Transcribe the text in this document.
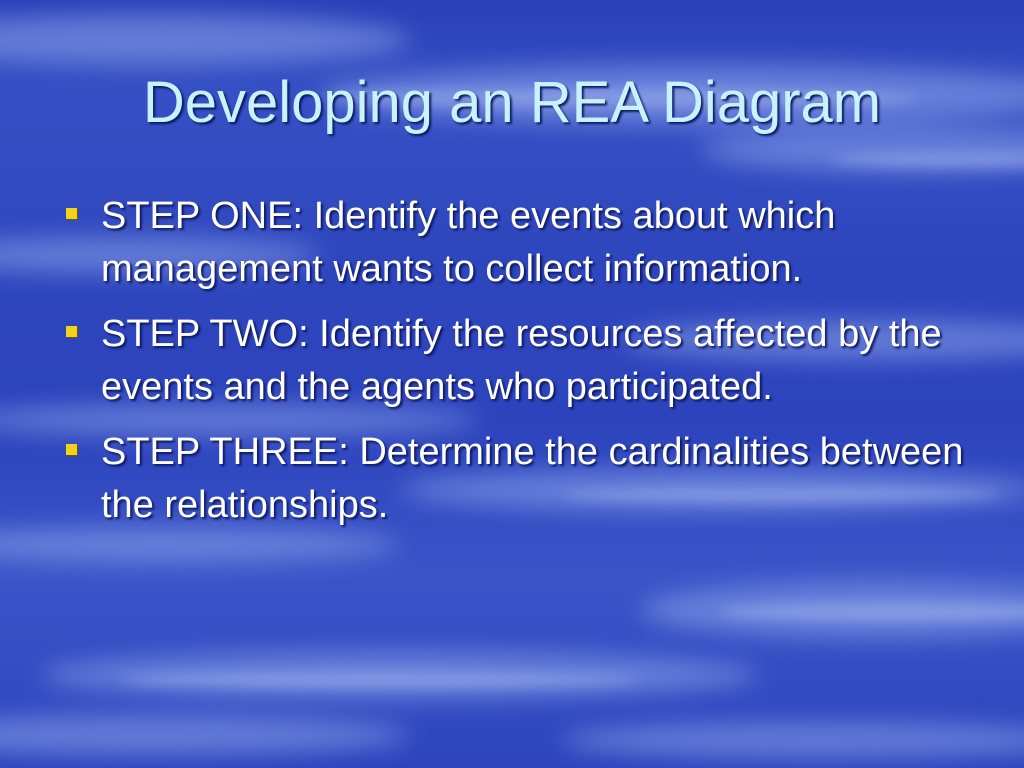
Developing an REA Diagram
STEP ONE: Identify the events about which management wants to collect information.
STEP TWO: Identify the resources affected by the events and the agents who participated.
STEP THREE: Determine the cardinalities between the relationships.
